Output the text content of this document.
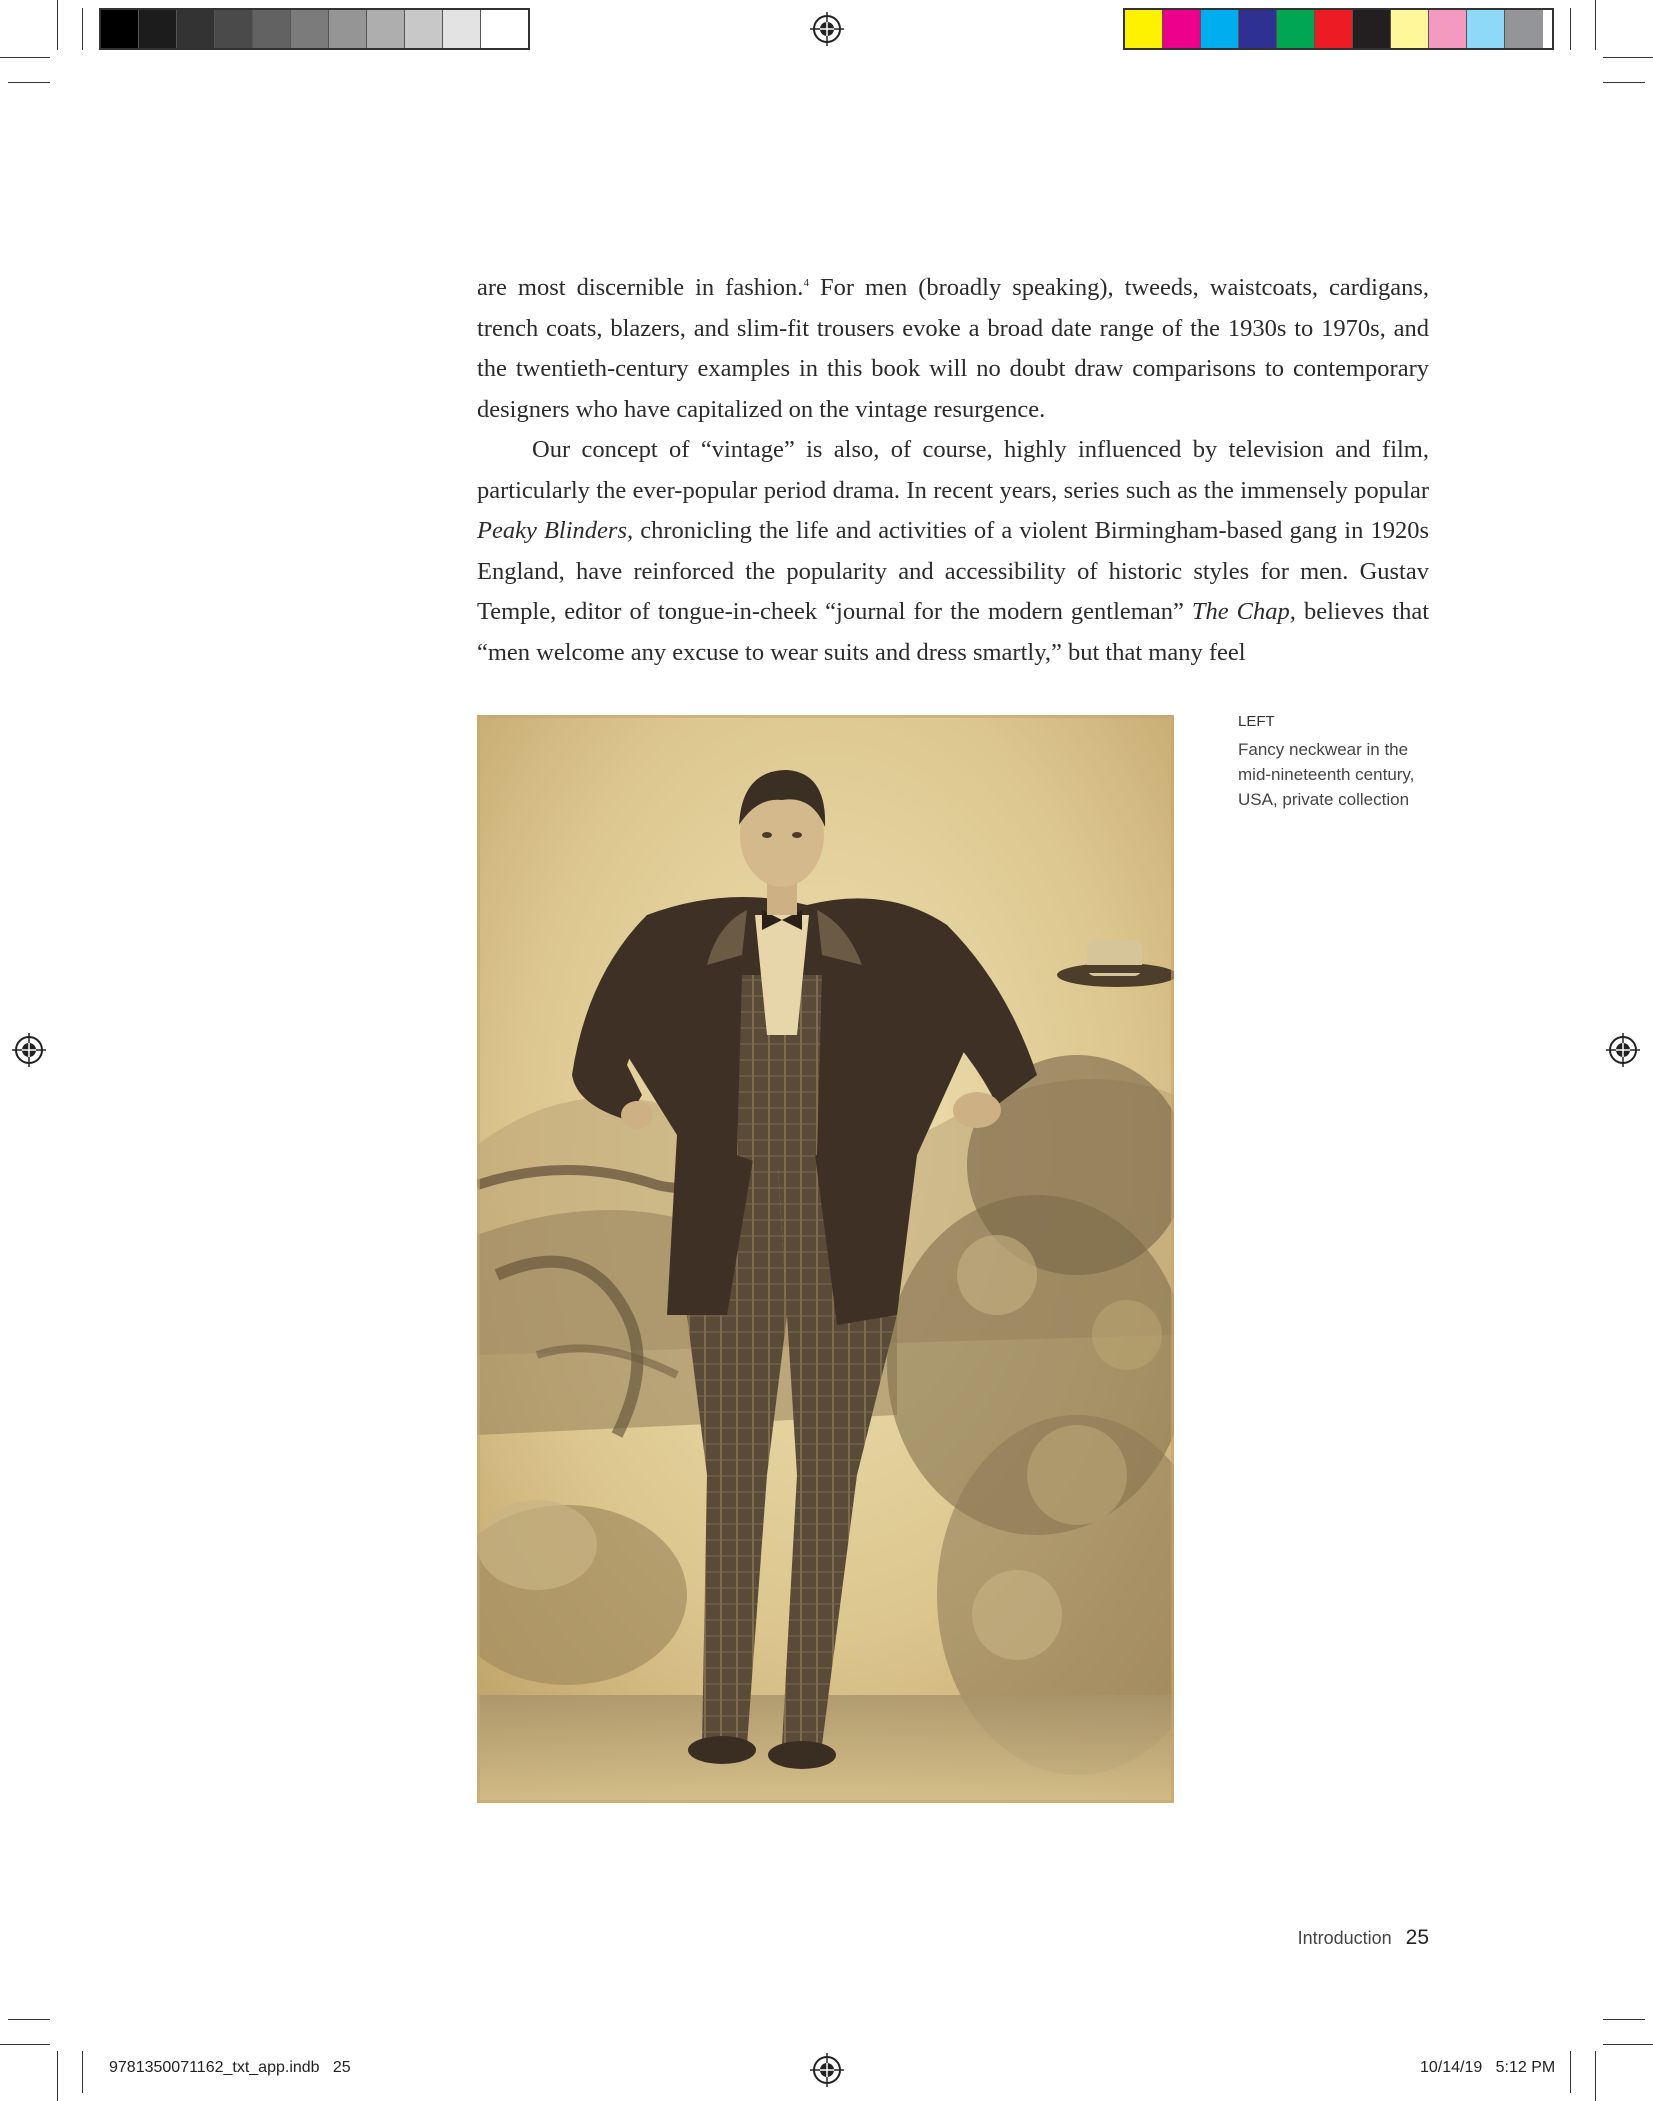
are most discernible in fashion.$^4$ For men (broadly speaking), tweeds, waistcoats, cardigans, trench coats, blazers, and slim-fit trousers evoke a broad date range of the 1930s to 1970s, and the twentieth-century examples in this book will no doubt draw comparisons to contemporary designers who have capitalized on the vintage resurgence.

Our concept of “vintage” is also, of course, highly influenced by television and film, particularly the ever-popular period drama. In recent years, series such as the immensely popular Peaky Blinders, chronicling the life and activities of a violent Birmingham-based gang in 1920s England, have reinforced the popularity and accessibility of historic styles for men. Gustav Temple, editor of tongue-in-cheek “journal for the modern gentleman” The Chap, believes that “men welcome any excuse to wear suits and dress smartly,” but that many feel

LEFT
Fancy neckwear in the mid-nineteenth century, USA, private collection
Introduction 25
9781350071162_txt_app.indb   25	10/14/19   5:12 PM
